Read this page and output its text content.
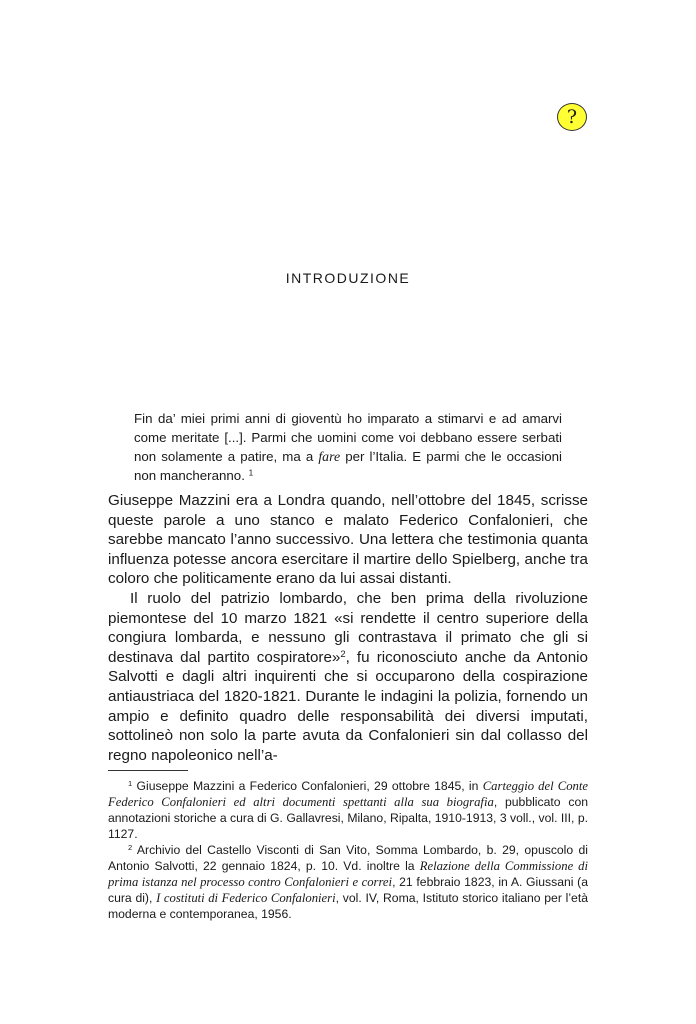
?
INTRODUZIONE
Fin da’ miei primi anni di gioventù ho imparato a stimarvi e ad amarvi come meritate [...]. Parmi che uomini come voi debbano essere serbati non solamente a patire, ma a fare per l’Italia. E parmi che le occasioni non mancheranno. $^1$

Giuseppe Mazzini era a Londra quando, nell’ottobre del 1845, scrisse queste parole a uno stanco e malato Federico Confalonieri, che sarebbe mancato l’anno successivo. Una lettera che testimonia quanta influenza potesse ancora esercitare il martire dello Spielberg, anche tra coloro che politicamente erano da lui assai distanti.

Il ruolo del patrizio lombardo, che ben prima della rivoluzione piemontese del 10 marzo 1821 «si rendette il centro superiore della congiura lombarda, e nessuno gli contrastava il primato che gli si destinava dal partito cospiratore»$^2$, fu riconosciuto anche da Antonio Salvotti e dagli altri inquirenti che si occuparono della cospirazione antiaustriaca del 1820-1821. Durante le indagini la polizia, fornendo un ampio e definito quadro delle responsabilità dei diversi imputati, sottolineò non solo la parte avuta da Confalonieri sin dal collasso del regno napoleonico nell’a-

$^1$ Giuseppe Mazzini a Federico Confalonieri, 29 ottobre 1845, in Carteggio del Conte Federico Confalonieri ed altri documenti spettanti alla sua biografia, pubblicato con annotazioni storiche a cura di G. Gallavresi, Milano, Ripalta, 1910-1913, 3 voll., vol. III, p. 1127.

$^2$ Archivio del Castello Visconti di San Vito, Somma Lombardo, b. 29, opuscolo di Antonio Salvotti, 22 gennaio 1824, p. 10. Vd. inoltre la Relazione della Commissione di prima istanza nel processo contro Confalonieri e correi, 21 febbraio 1823, in A. Giussani (a cura di), I costituti di Federico Confalonieri, vol. IV, Roma, Istituto storico italiano per l’età moderna e contemporanea, 1956.
